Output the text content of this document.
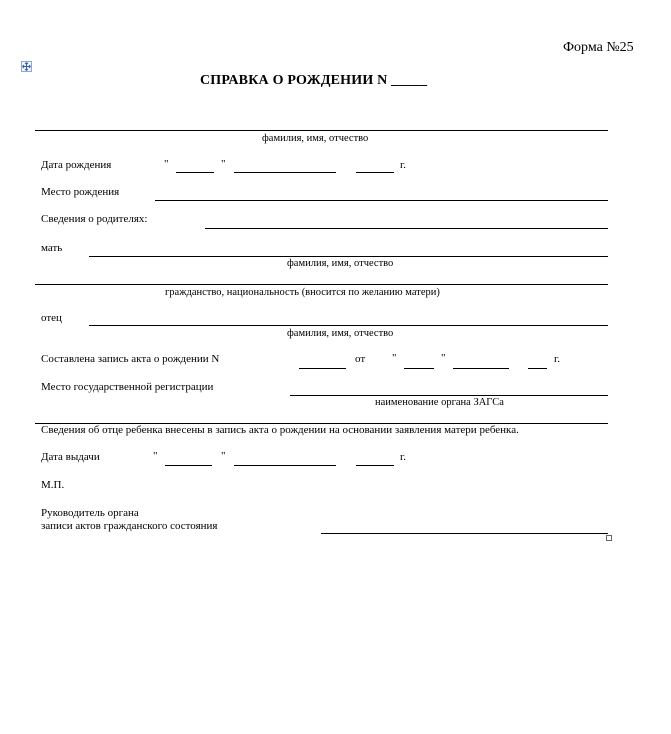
Форма №25
СПРАВКА О РОЖДЕНИИ N _____
фамилия, имя, отчество
Дата рождения	"	"	г.
Место рождения
Сведения о родителях:
мать
фамилия, имя, отчество
гражданство, национальность (вносится по желанию матери)
отец
фамилия, имя, отчество
Составлена запись акта о рождении N	от "	"	г.
Место государственной регистрации
наименование органа ЗАГСа
Сведения об отце ребенка внесены в запись акта о рождении на основании заявления матери ребенка.
Дата выдачи	"	"	г.
М.П.
Руководитель органа
записи актов гражданского состояния
